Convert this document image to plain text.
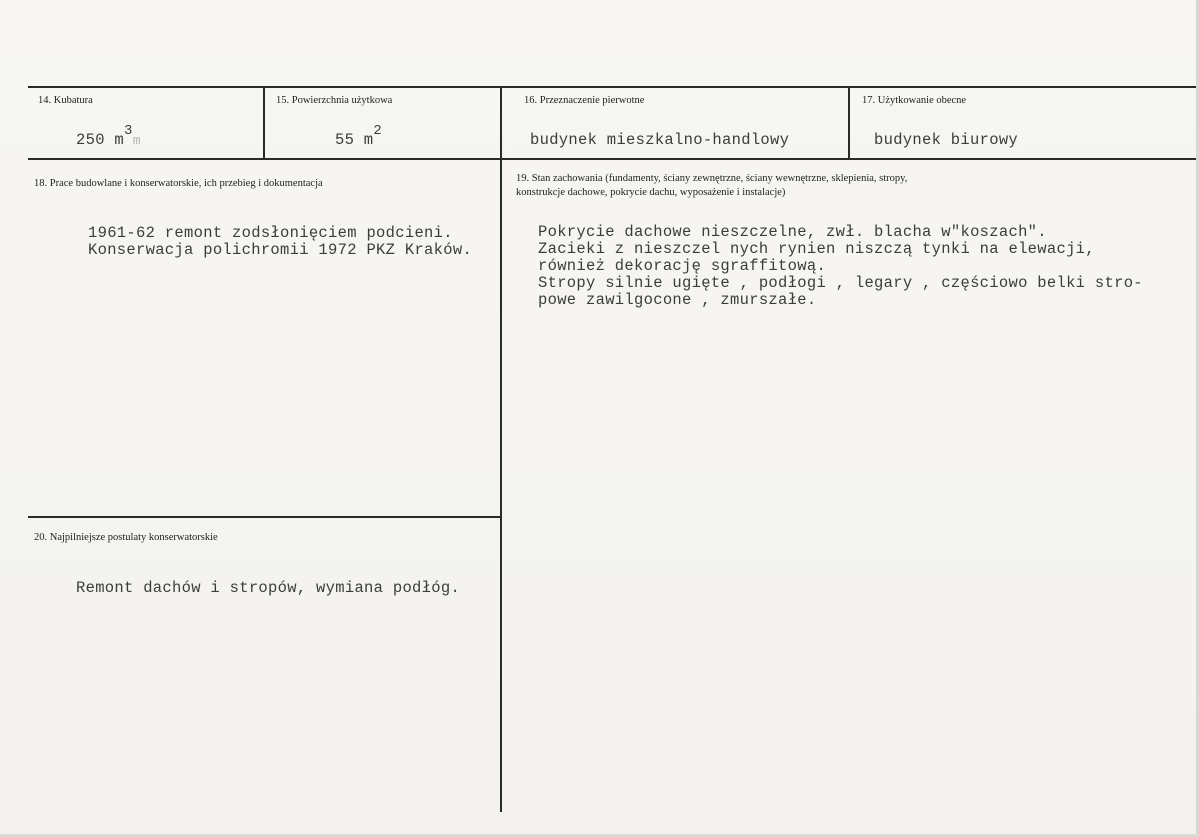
14. Kubatura
250 m3m
15. Powierzchnia użytkowa
55 m2
16. Przeznaczenie pierwotne
budynek mieszkalno-handlowy
17. Użytkowanie obecne
budynek biurowy
18. Prace budowlane i konserwatorskie, ich przebieg i dokumentacja
1961-62 remont zodsłonięciem podcieni.
Konserwacja polichromii 1972 PKZ Kraków.
19. Stan zachowania (fundamenty, ściany zewnętrzne, ściany wewnętrzne, sklepienia, stropy,
konstrukcje dachowe, pokrycie dachu, wyposażenie i instalacje)
Pokrycie dachowe nieszczelne, zwł. blacha w"koszach".
Zacieki z nieszczel nych rynien niszczą tynki na elewacji,
również dekorację sgraffitową.
Stropy silnie ugięte , podłogi , legary , częściowo belki stro-
powe zawilgocone , zmurszałe.
20. Najpilniejsze postulaty konserwatorskie
Remont dachów i stropów, wymiana podłóg.
